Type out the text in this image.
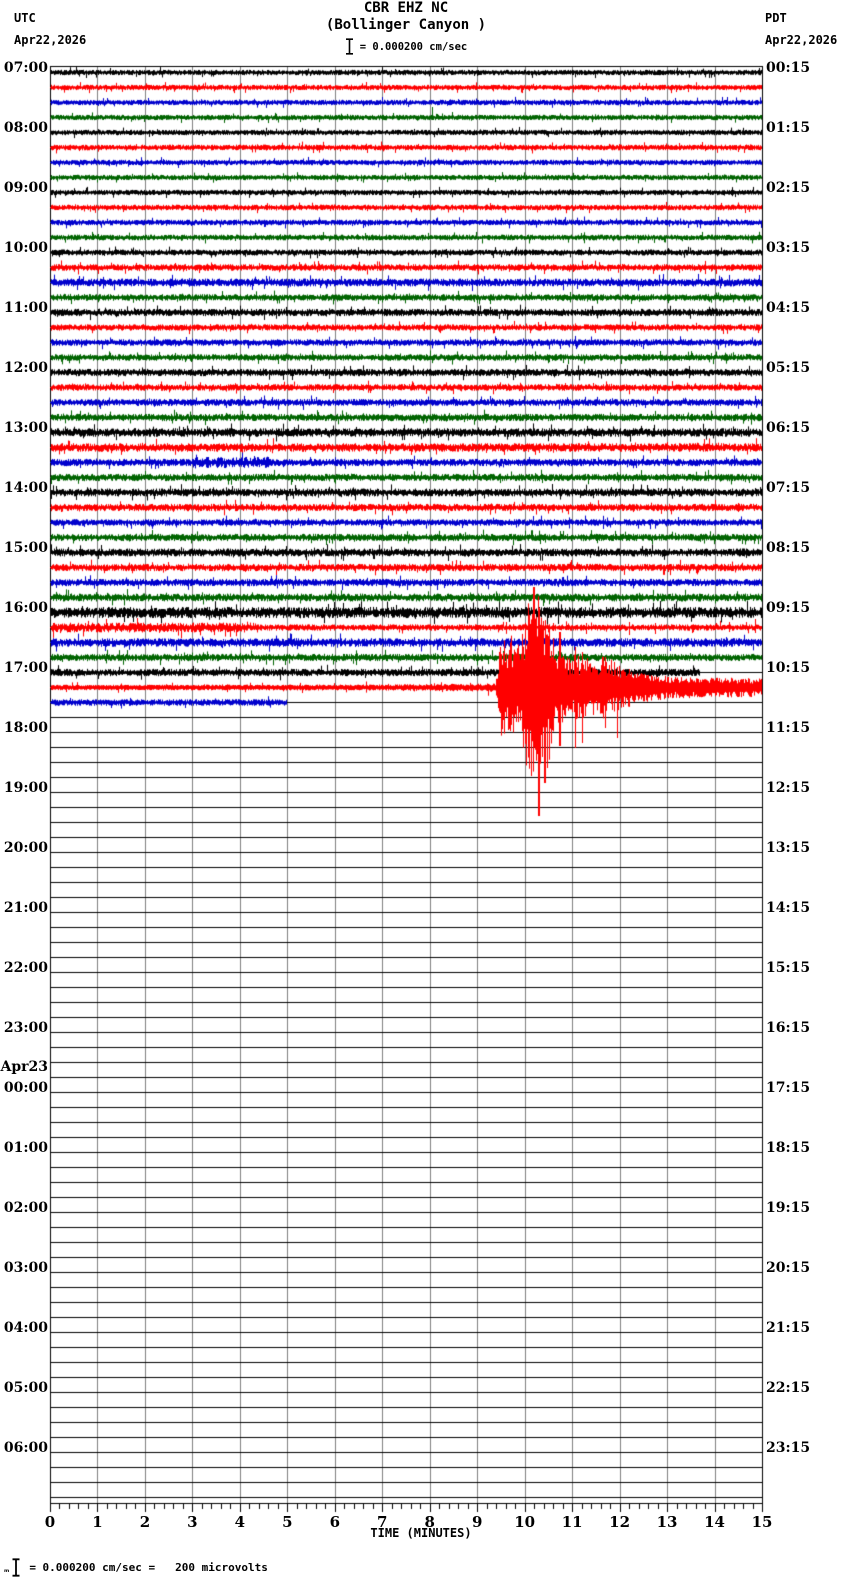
UTC
Apr22,2026
CBR EHZ NC
(Bollinger Canyon )
= 0.000200 cm/sec
PDT
Apr22,2026
07:00
08:00
09:00
10:00
11:00
12:00
13:00
14:00
15:00
16:00
17:00
18:00
19:00
20:00
21:00
22:00
23:00
Apr23
00:00
01:00
02:00
03:00
04:00
05:00
06:00
00:15
01:15
02:15
03:15
04:15
05:15
06:15
07:15
08:15
09:15
10:15
11:15
12:15
13:15
14:15
15:15
16:15
17:15
18:15
19:15
20:15
21:15
22:15
23:15
0	1	2	3	4	5	6	7	8	9	10	11	12	13	14	15
TIME (MINUTES)
ₘ = 0.000200 cm/sec = 200 microvolts
